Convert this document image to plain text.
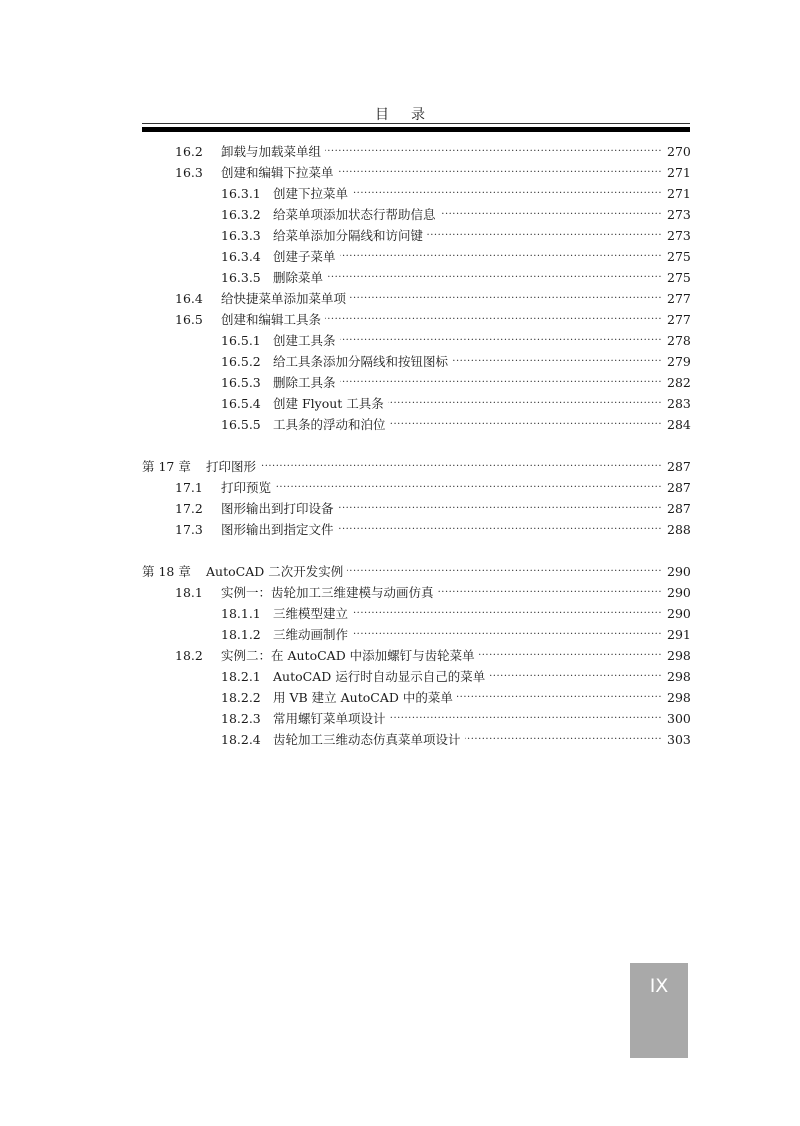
目录
·····
16.2 卸载与加载菜单组	270
·····
16.3 创建和编辑下拉菜单	271
·····
16.3.1 创建下拉菜单	271
·····
16.3.2 给菜单项添加状态行帮助信息	273
·····
16.3.3 给菜单添加分隔线和访问键	273
·····
16.3.4 创建子菜单	275
·····
16.3.5 删除菜单	275
·····
16.4 给快捷菜单添加菜单项	277
·····
16.5 创建和编辑工具条	277
·····
16.5.1 创建工具条	278
·····
16.5.2 给工具条添加分隔线和按钮图标	279
·····
16.5.3 删除工具条	282
·····
16.5.4 创建 Flyout 工具条	283
·····
16.5.5 工具条的浮动和泊位	284
·····
第 17 章 打印图形	287
·····
17.1 打印预览	287
·····
17.2 图形输出到打印设备	287
·····
17.3 图形输出到指定文件	288
·····
第 18 章 AutoCAD 二次开发实例	290
·····
18.1 实例一：齿轮加工三维建模与动画仿真	290
·····
18.1.1 三维模型建立	290
·····
18.1.2 三维动画制作	291
·····
18.2 实例二：在 AutoCAD 中添加螺钉与齿轮菜单	298
·····
18.2.1 AutoCAD 运行时自动显示自己的菜单	298
·····
18.2.2 用 VB 建立 AutoCAD 中的菜单	298
·····
18.2.3 常用螺钉菜单项设计	300
·····
18.2.4 齿轮加工三维动态仿真菜单项设计	303
IX
